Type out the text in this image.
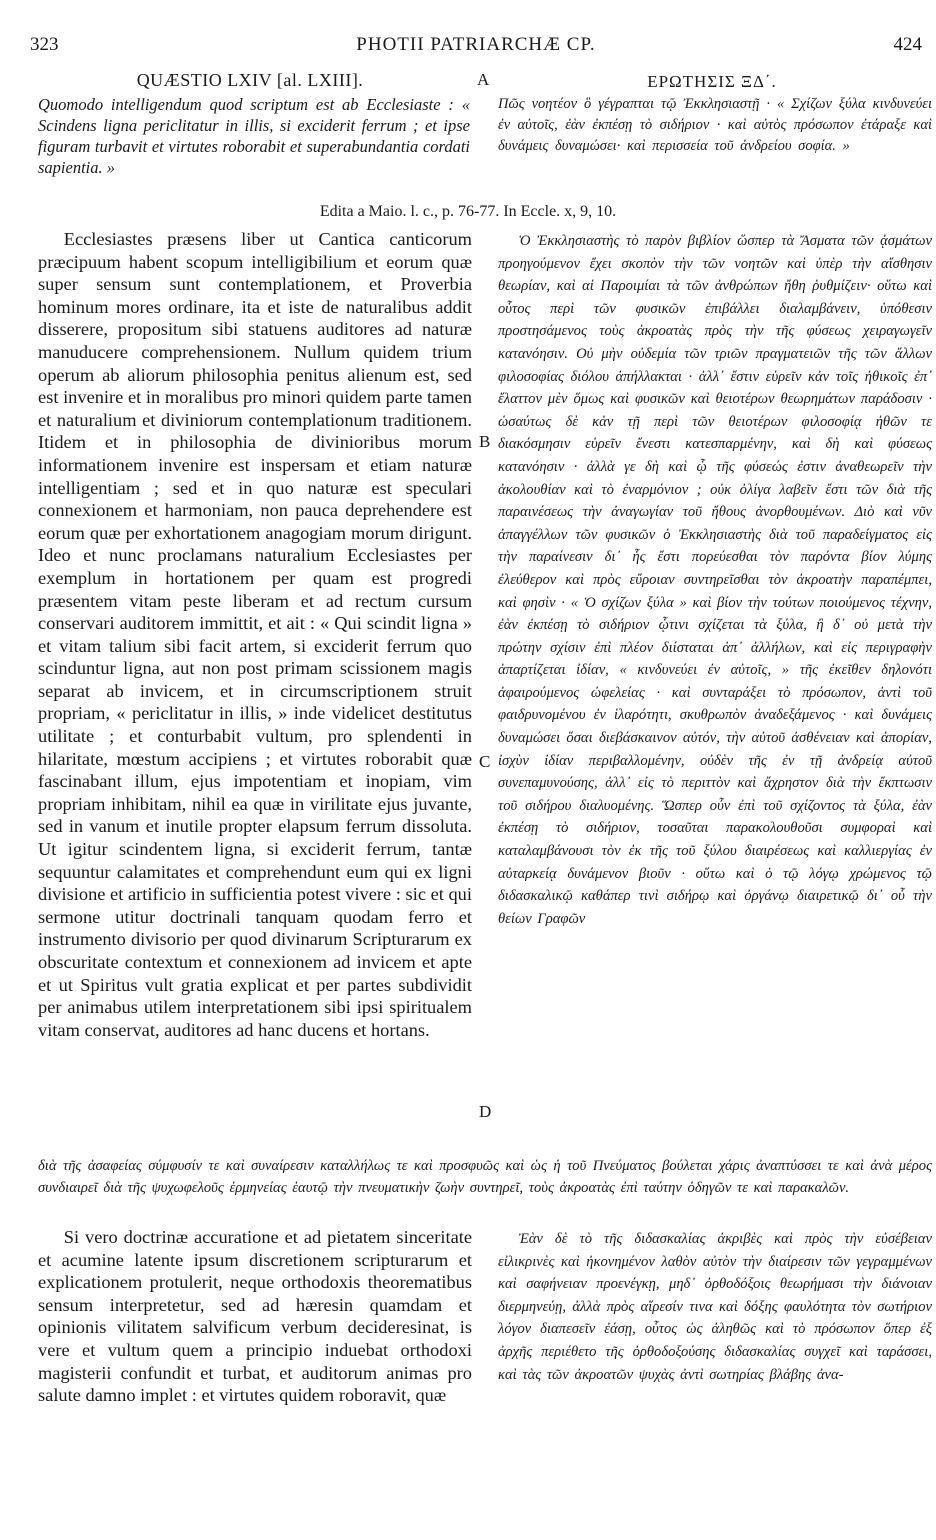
323	PHOTII PATRIARCHÆ CP.	424
QUÆSTIO LXIV [al. LXIII].	A	ΕΡΩΤΗΣΙΣ ΞΔ΄.
Quomodo intelligendum quod scriptum est ab Ecclesiaste : « Scindens ligna periclitatur in illis, si exciderit ferrum ; et ipse figuram turbavit et virtutes roborabit et superabundantia cordati sapientia. »
Πῶς νοητέον ὃ γέγραπται τῷ Ἐκκλησιαστῇ · « Σχίζων ξύλα κινδυνεύει ἐν αὐτοῖς, ἐὰν ἐκπέσῃ τὸ σιδήριον · καὶ αὐτὸς πρόσωπον ἐτάραξε καὶ δυνάμεις δυναμώσει· καὶ περισσεία τοῦ ἀνδρείου σοφία. »
Edita a Maio. l. c., p. 76-77. In Eccle. x, 9, 10.

Ecclesiastes præsens liber ut Cantica canticorum præcipuum habent scopum intelligibilium et eorum quæ super sensum sunt contemplationem, et Proverbia hominum mores ordinare, ita et iste de naturalibus addit disserere, propositum sibi statuens auditores ad naturæ manuducere comprehensionem. Nullum quidem trium operum ab aliorum philosophia penitus alienum est, sed est invenire et in moralibus pro minori quidem parte tamen et naturalium et diviniorum contemplationum traditionem. Itidem et in philosophia de divinioribus morum informationem invenire est inspersam et etiam naturæ intelligentiam ; sed et in quo naturæ est speculari connexionem et harmoniam, non pauca deprehendere est eorum quæ per exhortationem anagogiam morum dirigunt. Ideo et nunc proclamans naturalium Ecclesiastes per exemplum in hortationem per quam est progredi præsentem vitam peste liberam et ad rectum cursum conservari auditorem immittit, et ait : « Qui scindit ligna » et vitam talium sibi facit artem, si exciderit ferrum quo scinduntur ligna, aut non post primam scissionem magis separat ab invicem, et in circumscriptionem struit propriam, « periclitatur in illis, » inde videlicet destitutus utilitate ; et conturbabit vultum, pro splendenti in hilaritate, mœstum accipiens ; et virtutes roborabit quæ fascinabant illum, ejus impotentiam et inopiam, vim propriam inhibitam, nihil ea quæ in virilitate ejus juvante, sed in vanum et inutile propter elapsum ferrum dissoluta. Ut igitur scindentem ligna, si exciderit ferrum, tantæ sequuntur calamitates et comprehendunt eum qui ex ligni divisione et artificio in sufficientia potest vivere : sic et qui sermone utitur doctrinali tanquam quodam ferro et instrumento divisorio per quod divinarum Scripturarum ex obscuritate contextum et connexionem ad invicem et apte et ut Spiritus vult gratia explicat et per partes subdividit per animabus utilem interpretationem sibi ipsi spiritualem vitam conservat, auditores ad hanc ducens et hortans.

B
C
D

Ὁ Ἐκκλησιαστὴς τὸ παρὸν βιβλίον ὥσπερ τὰ Ἄσματα τῶν ᾀσμάτων προηγούμενον ἔχει σκοπὸν τὴν τῶν νοητῶν καὶ ὑπὲρ τὴν αἴσθησιν θεωρίαν, καὶ αἱ Παροιμίαι τὰ τῶν ἀνθρώπων ἤθη ῥυθμίζειν· οὕτω καὶ οὗτος περὶ τῶν φυσικῶν ἐπιβάλλει διαλαμβάνειν, ὑπόθεσιν προστησάμενος τοὺς ἀκροατὰς πρὸς τὴν τῆς φύσεως χειραγωγεῖν κατανόησιν. Οὐ μὴν οὐδεμία τῶν τριῶν πραγματειῶν τῆς τῶν ἄλλων φιλοσοφίας διόλου ἀπήλλακται · ἀλλ᾽ ἔστιν εὑρεῖν κἀν τοῖς ἠθικοῖς ἐπ᾽ ἔλαττον μὲν ὅμως καὶ φυσικῶν καὶ θειοτέρων θεωρημάτων παράδοσιν · ὡσαύτως δὲ κἀν τῇ περὶ τῶν θειοτέρων φιλοσοφίᾳ ἠθῶν τε διακόσμησιν εὑρεῖν ἔνεστι κατεσπαρμένην, καὶ δὴ καὶ φύσεως κατανόησιν · ἀλλὰ γε δὴ καὶ ᾧ τῆς φύσεώς ἐστιν ἀναθεωρεῖν τὴν ἀκολουθίαν καὶ τὸ ἐναρμόνιον ; οὐκ ὀλίγα λαβεῖν ἔστι τῶν διὰ τῆς παραινέσεως τὴν ἀναγωγίαν τοῦ ἤθους ἀνορθουμένων. Διὸ καὶ νῦν ἀπαγγέλλων τῶν φυσικῶν ὁ Ἐκκλησιαστὴς διὰ τοῦ παραδείγματος εἰς τὴν παραίνεσιν δι᾽ ἧς ἔστι πορεύεσθαι τὸν παρόντα βίον λύμης ἐλεύθερον καὶ πρὸς εὔροιαν συντηρεῖσθαι τὸν ἀκροατὴν παραπέμπει, καὶ φησὶν · « Ὁ σχίζων ξύλα » καὶ βίον τὴν τούτων ποιούμενος τέχνην, ἐὰν ἐκπέσῃ τὸ σιδήριον ᾧτινι σχίζεται τὰ ξύλα, ἢ δ᾽ οὐ μετὰ τὴν πρώτην σχίσιν ἐπὶ πλέον διίσταται ἀπ᾽ ἀλλήλων, καὶ εἰς περιγραφὴν ἀπαρτίζεται ἰδίαν, « κινδυνεύει ἐν αὐτοῖς, » τῆς ἐκεῖθεν δηλονότι ἀφαιρούμενος ὠφελείας · καὶ συνταράξει τὸ πρόσωπον, ἀντὶ τοῦ φαιδρυνομένου ἐν ἱλαρότητι, σκυθρωπὸν ἀναδεξάμενος · καὶ δυνάμεις δυναμώσει ὅσαι διεβάσκαινον αὐτόν, τὴν αὐτοῦ ἀσθένειαν καὶ ἀπορίαν, ἰσχὺν ἰδίαν περιβαλλομένην, οὐδὲν τῆς ἐν τῇ ἀνδρείᾳ αὐτοῦ συνεπαμυνούσης, ἀλλ᾽ εἰς τὸ περιττὸν καὶ ἄχρηστον διὰ τὴν ἔκπτωσιν τοῦ σιδήρου διαλυομένης. Ὥσπερ οὖν ἐπὶ τοῦ σχίζοντος τὰ ξύλα, ἐὰν ἐκπέσῃ τὸ σιδήριον, τοσαῦται παρακολουθοῦσι συμφοραὶ καὶ καταλαμβάνουσι τὸν ἐκ τῆς τοῦ ξύλου διαιρέσεως καὶ καλλιεργίας ἐν αὐταρκείᾳ δυνάμενον βιοῦν · οὕτω καὶ ὁ τῷ λόγῳ χρώμενος τῷ διδασκαλικῷ καθάπερ τινὶ σιδήρῳ καὶ ὀργάνῳ διαιρετικῷ δι᾽ οὗ τὴν θείων Γραφῶν

διὰ τῆς ἀσαφείας σύμφυσίν τε καὶ συναίρεσιν καταλλήλως τε καὶ προσφυῶς καὶ ὡς ἡ τοῦ Πνεύματος βούλεται χάρις ἀναπτύσσει τε καὶ ἀνὰ μέρος συνδιαιρεῖ διὰ τῆς ψυχωφελοῦς ἑρμηνείας ἑαυτῷ τὴν πνευματικὴν ζωὴν συντηρεῖ, τοὺς ἀκροατὰς ἐπὶ ταύτην ὁδηγῶν τε καὶ παρακαλῶν.

Si vero doctrinæ accuratione et ad pietatem sinceritate et acumine latente ipsum discretionem scripturarum et explicationem protulerit, neque orthodoxis theorematibus sensum interpretetur, sed ad hæresin quamdam et opinionis vilitatem salvificum verbum decideresinat, is vere et vultum quem a principio induebat orthodoxi magisterii confundit et turbat, et auditorum animas pro salute damno implet : et virtutes quidem roboravit, quæ

Ἐὰν δὲ τὸ τῆς διδασκαλίας ἀκριβὲς καὶ πρὸς τὴν εὐσέβειαν εἰλικρινὲς καὶ ἠκονημένον λαθὸν αὐτὸν τὴν διαίρεσιν τῶν γεγραμμένων καὶ σαφήνειαν προενέγκῃ, μηδ᾽ ὀρθοδόξοις θεωρήμασι τὴν διάνοιαν διερμηνεύῃ, ἀλλὰ πρὸς αἵρεσίν τινα καὶ δόξης φαυλότητα τὸν σωτήριον λόγον διαπεσεῖν ἐάσῃ, οὗτος ὡς ἀληθῶς καὶ τὸ πρόσωπον ὅπερ ἐξ ἀρχῆς περιέθετο τῆς ὀρθοδοξούσης διδασκαλίας συγχεῖ καὶ ταράσσει, καὶ τὰς τῶν ἀκροατῶν ψυχὰς ἀντὶ σωτηρίας βλάβης ἀνα-
